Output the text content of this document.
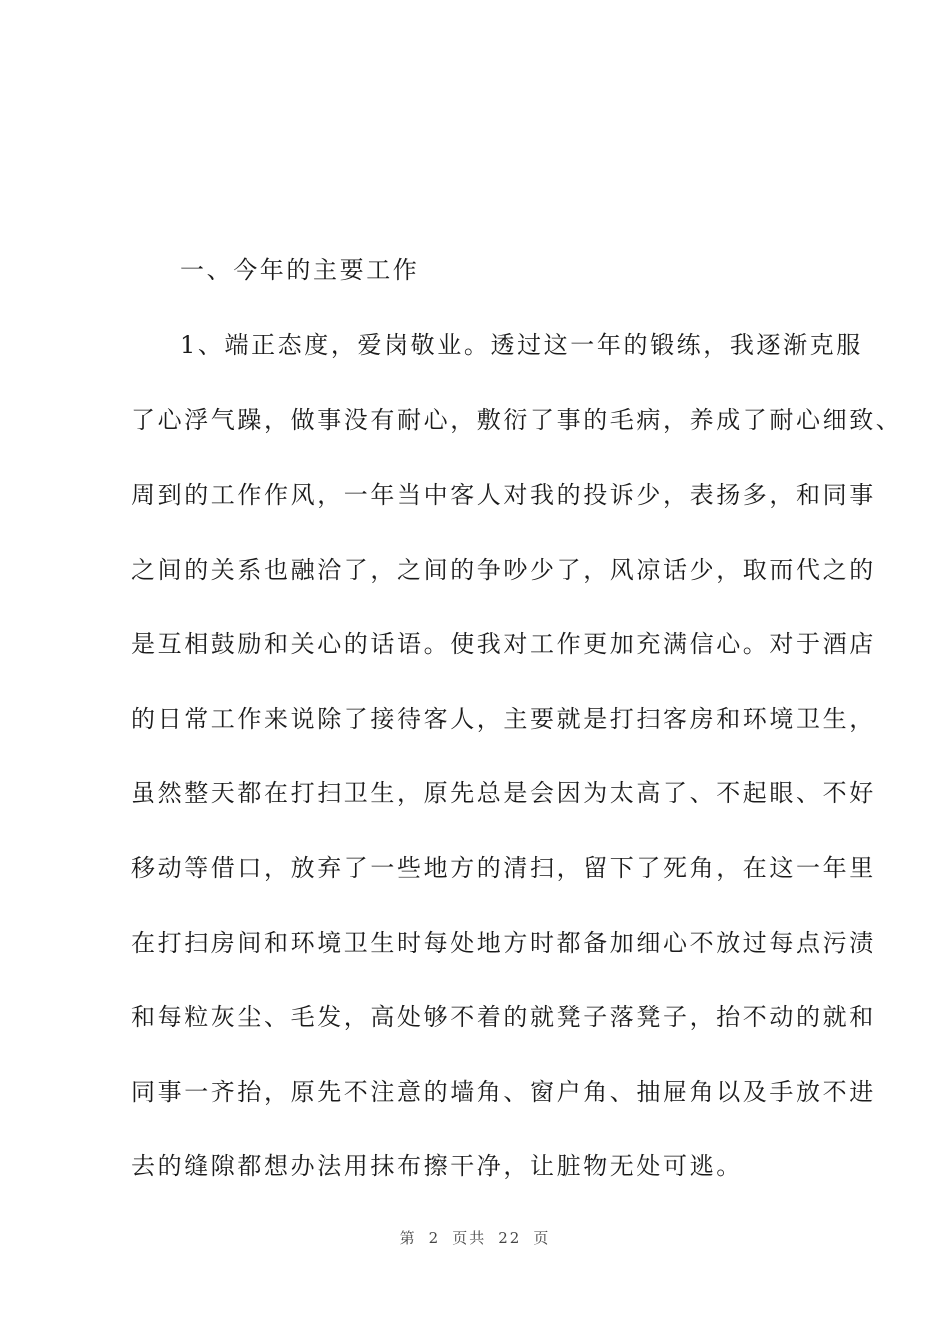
一、今年的主要工作
1、端正态度，爱岗敬业。透过这一年的锻练，我逐渐克服
了心浮气躁，做事没有耐心，敷衍了事的毛病，养成了耐心细致、
周到的工作作风，一年当中客人对我的投诉少，表扬多，和同事
之间的关系也融洽了，之间的争吵少了，风凉话少，取而代之的
是互相鼓励和关心的话语。使我对工作更加充满信心。对于酒店
的日常工作来说除了接待客人，主要就是打扫客房和环境卫生，
虽然整天都在打扫卫生，原先总是会因为太高了、不起眼、不好
移动等借口，放弃了一些地方的清扫，留下了死角，在这一年里
在打扫房间和环境卫生时每处地方时都备加细心不放过每点污渍
和每粒灰尘、毛发，高处够不着的就凳子落凳子，抬不动的就和
同事一齐抬，原先不注意的墙角、窗户角、抽屉角以及手放不进
去的缝隙都想办法用抹布擦干净，让脏物无处可逃。
第 2 页共 22 页
